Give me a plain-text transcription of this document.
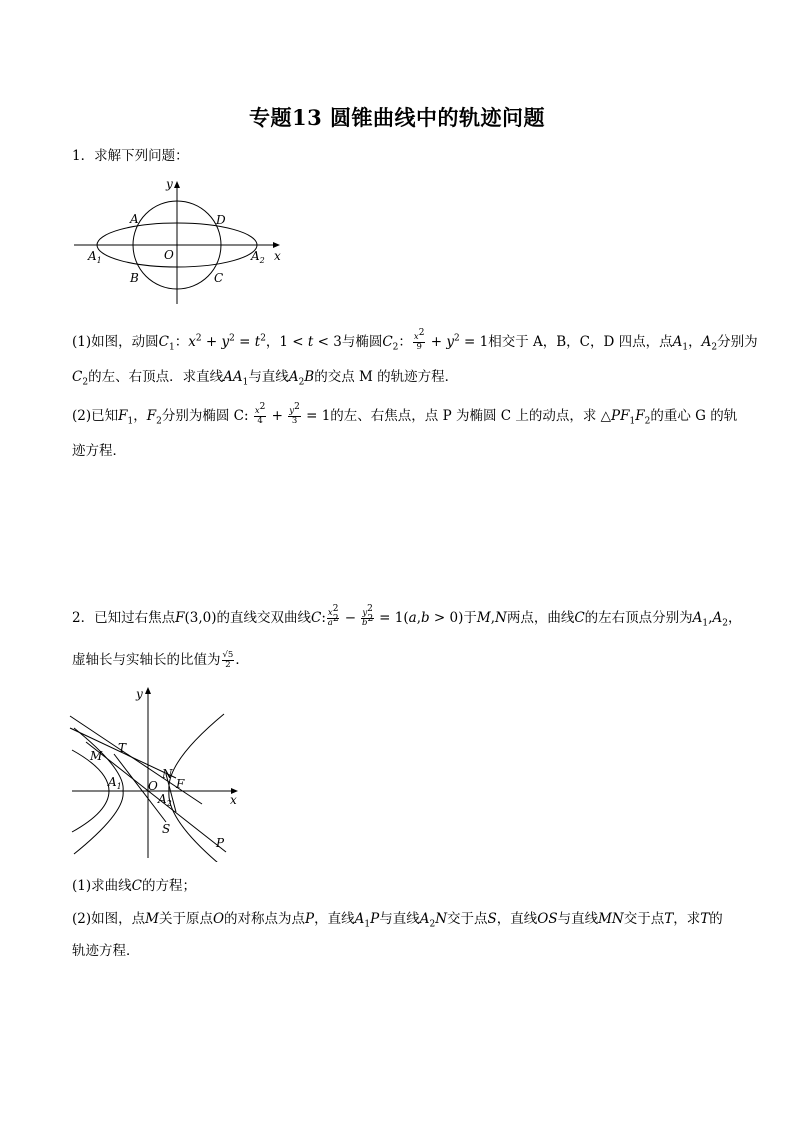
专题13 圆锥曲线中的轨迹问题
1．求解下列问题：
y
x
A	D
O
$A_1$	$A_2$
B	C
(1)如图，动圆$C_1$：$x^2 + y^2 = t^2$，1 < t < 3与椭圆$C_2$： $\frac{x^2}{9} + y^2 = 1$相交于 A，B，C，D 四点，点$A_1$，$A_2$分别为
$C_2$的左、右顶点．求直线$AA_1$与直线$A_2B$的交点 M 的轨迹方程．
(2)已知$F_1$，$F_2$分别为椭圆 C: $\frac{x^2}{4} + \frac{y^2}{3} = 1$的左、右焦点，点 P 为椭圆 C 上的动点，求 $\triangle PF_1F_2$的重心 G 的轨
迹方程．
2．已知过右焦点F(3,0)的直线交双曲线C: $\frac{x^2}{a^2} - \frac{y^2}{b^2} = 1(a,b > 0)$于M,N两点，曲线C的左右顶点分别为$A_1,A_2$，
虚轴长与实轴长的比值为 $\frac{√5}{2}$ ．
y
x
M
T
N
F
$A_1$ O
$A_2$
S
P
(1)求曲线C的方程；
(2)如图，点M关于原点O的对称点为点P，直线$A_1P$与直线$A_2N$交于点S，直线OS与直线MN交于点T，求T的
轨迹方程．
